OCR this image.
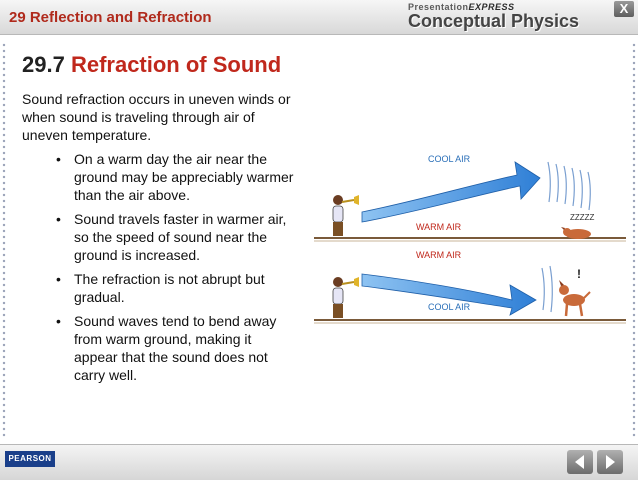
29 Reflection and Refraction
PresentationEXPRESS
Conceptual Physics
X
29.7 Refraction of Sound
Sound refraction occurs in uneven winds or when sound is traveling through air of uneven temperature.
• On a warm day the air near the ground may be appreciably warmer than the air above.
• Sound travels faster in warmer air, so the speed of sound near the ground is increased.
• The refraction is not abrupt but gradual.
• Sound waves tend to bend away from warm ground, making it appear that the sound does not carry well.
ZZZZZ
COOL AIR
WARM AIR
!
WARM AIR
COOL AIR
PEARSON
